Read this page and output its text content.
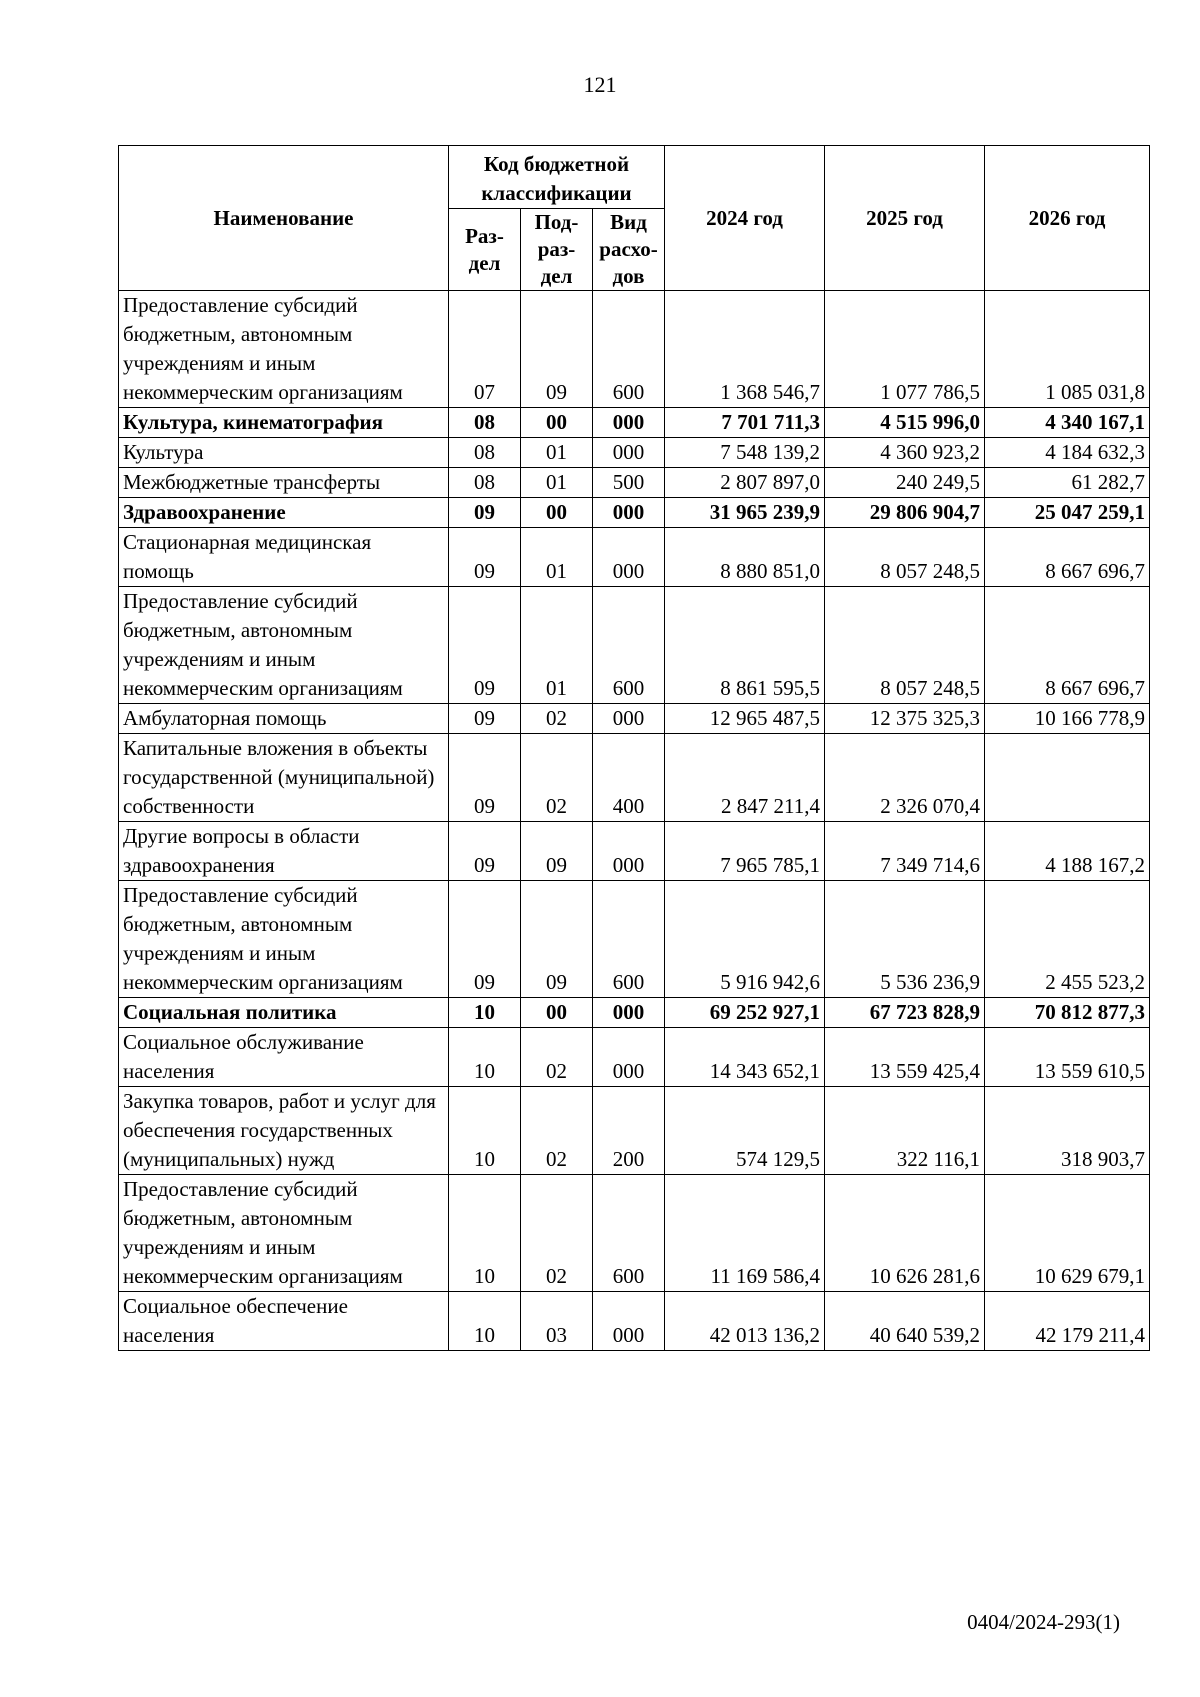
121
Наименование	Код бюджетной классификации			2024 год	2025 год	2026 год
	Раз-дел	Под-раз-дел	Вид расхо-дов			
Предоставление субсидий бюджетным, автономным учреждениям и иным некоммерческим организациям	07	09	600	1 368 546,7	1 077 786,5	1 085 031,8
Культура, кинематография	08	00	000	7 701 711,3	4 515 996,0	4 340 167,1
Культура	08	01	000	7 548 139,2	4 360 923,2	4 184 632,3
Межбюджетные трансферты	08	01	500	2 807 897,0	240 249,5	61 282,7
Здравоохранение	09	00	000	31 965 239,9	29 806 904,7	25 047 259,1
Стационарная медицинская помощь	09	01	000	8 880 851,0	8 057 248,5	8 667 696,7
Предоставление субсидий бюджетным, автономным учреждениям и иным некоммерческим организациям	09	01	600	8 861 595,5	8 057 248,5	8 667 696,7
Амбулаторная помощь	09	02	000	12 965 487,5	12 375 325,3	10 166 778,9
Капитальные вложения в объекты государственной (муниципальной) собственности	09	02	400	2 847 211,4	2 326 070,4	
Другие вопросы в области здравоохранения	09	09	000	7 965 785,1	7 349 714,6	4 188 167,2
Предоставление субсидий бюджетным, автономным учреждениям и иным некоммерческим организациям	09	09	600	5 916 942,6	5 536 236,9	2 455 523,2
Социальная политика	10	00	000	69 252 927,1	67 723 828,9	70 812 877,3
Социальное обслуживание населения	10	02	000	14 343 652,1	13 559 425,4	13 559 610,5
Закупка товаров, работ и услуг для обеспечения государственных (муниципальных) нужд	10	02	200	574 129,5	322 116,1	318 903,7
Предоставление субсидий бюджетным, автономным учреждениям и иным некоммерческим организациям	10	02	600	11 169 586,4	10 626 281,6	10 629 679,1
Социальное обеспечение населения	10	03	000	42 013 136,2	40 640 539,2	42 179 211,4
0404/2024-293(1)
